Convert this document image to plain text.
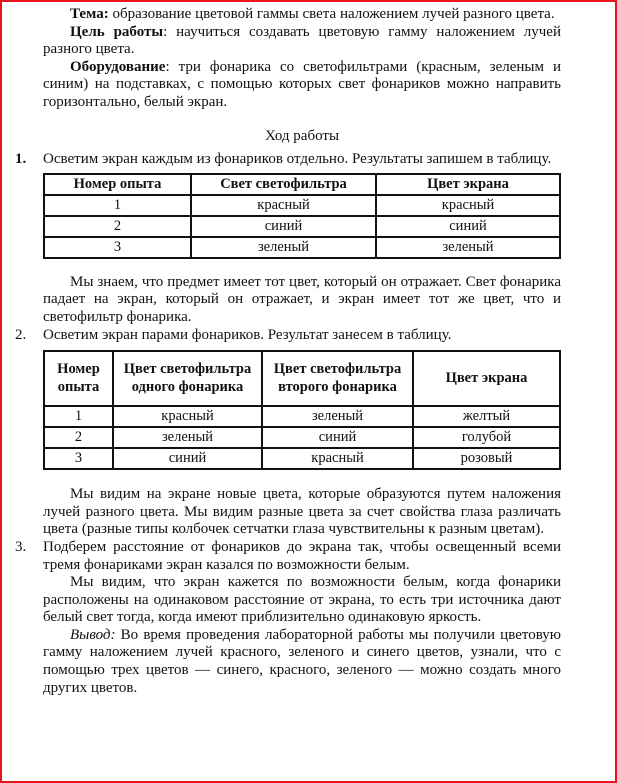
Тема: образование цветовой гаммы света наложением лучей разного цвета.

Цель работы: научиться создавать цветовую гамму наложением лучей разного цвета.

Оборудование: три фонарика со светофильтрами (красным, зеленым и синим) на подставках, с помощью которых свет фонариков можно направить горизонтально, белый экран.

Ход работы

1. Осветим экран каждым из фонариков отдельно. Результаты запишем в таблицу.

Номер опыта	Свет светофильтра	Цвет экрана
1	красный	красный
2	синий	синий
3	зеленый	зеленый

Мы знаем, что предмет имеет тот цвет, который он отражает. Свет фонарика падает на экран, который он отражает, и экран имеет тот же цвет, что и светофильтр фонарика.

2. Осветим экран парами фонариков. Результат занесем в таблицу.

Номер опыта	Цвет светофильтра одного фонарика	Цвет светофильтра второго фонарика	Цвет экрана
1	красный	зеленый	желтый
2	зеленый	синий	голубой
3	синий	красный	розовый

Мы видим на экране новые цвета, которые образуются путем наложения лучей разного цвета. Мы видим разные цвета за счет свойства глаза различать цвета (разные типы колбочек сетчатки глаза чувствительны к разным цветам).

3. Подберем расстояние от фонариков до экрана так, чтобы освещенный всеми тремя фонариками экран казался по возможности белым.

Мы видим, что экран кажется по возможности белым, когда фонарики расположены на одинаковом расстояние от экрана, то есть три источника дают белый свет тогда, когда имеют приблизительно одинаковую яркость.

Вывод: Во время проведения лабораторной работы мы получили цветовую гамму наложением лучей красного, зеленого и синего цветов, узнали, что с помощью трех цветов — синего, красного, зеленого — можно создать много других цветов.
